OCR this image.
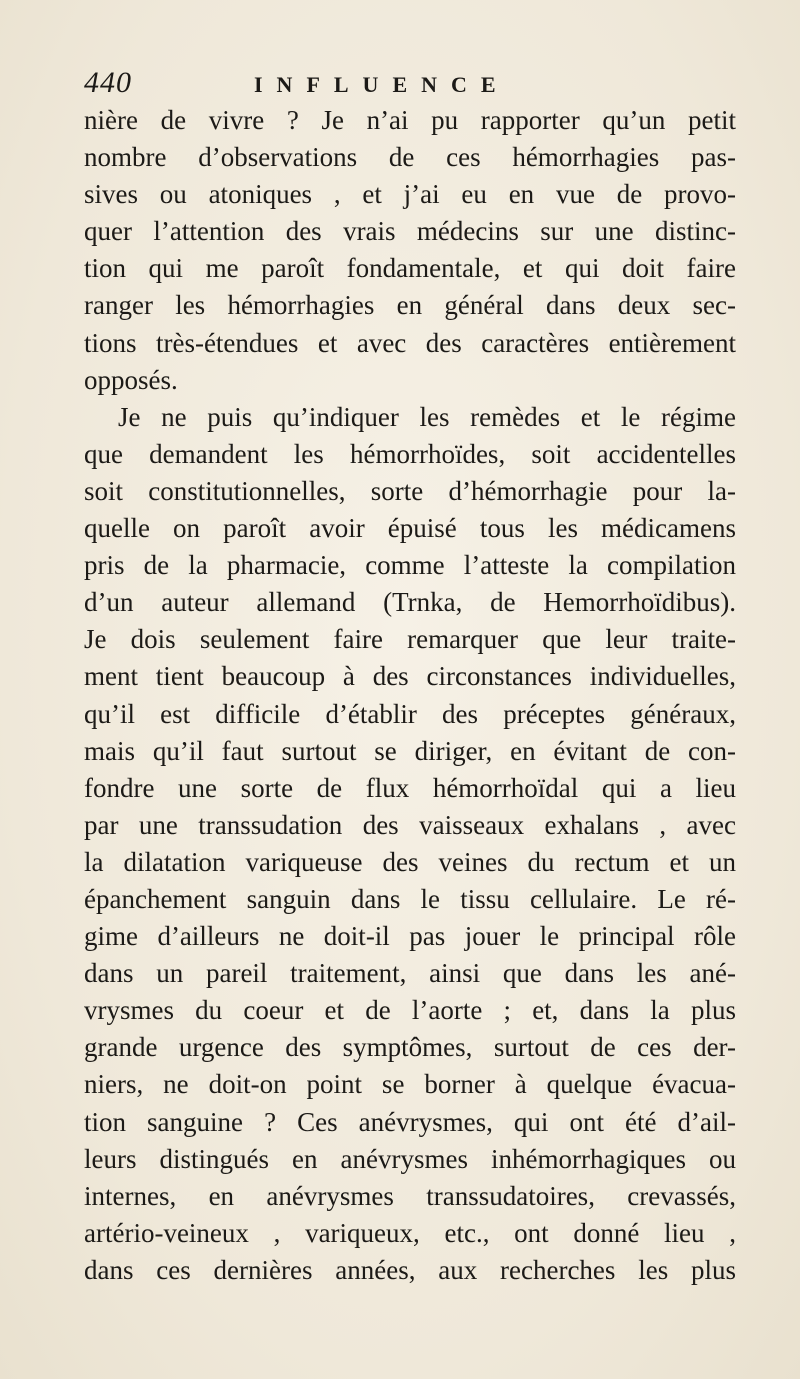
440	INFLUENCE
nière de vivre ? Je n’ai pu rapporter qu’un petit
nombre d’observations de ces hémorrhagies pas-
sives ou atoniques , et j’ai eu en vue de provo-
quer l’attention des vrais médecins sur une distinc-
tion qui me paroît fondamentale, et qui doit faire
ranger les hémorrhagies en général dans deux sec-
tions très-étendues et avec des caractères entièrement
opposés.
Je ne puis qu’indiquer les remèdes et le régime
que demandent les hémorrhoïdes, soit accidentelles
soit constitutionnelles, sorte d’hémorrhagie pour la-
quelle on paroît avoir épuisé tous les médicamens
pris de la pharmacie, comme l’atteste la compilation
d’un auteur allemand (Trnka, de Hemorrhoïdibus).
Je dois seulement faire remarquer que leur traite-
ment tient beaucoup à des circonstances individuelles,
qu’il est difficile d’établir des préceptes généraux,
mais qu’il faut surtout se diriger, en évitant de con-
fondre une sorte de flux hémorrhoïdal qui a lieu
par une transsudation des vaisseaux exhalans , avec
la dilatation variqueuse des veines du rectum et un
épanchement sanguin dans le tissu cellulaire. Le ré-
gime d’ailleurs ne doit-il pas jouer le principal rôle
dans un pareil traitement, ainsi que dans les ané-
vrysmes du coeur et de l’aorte ; et, dans la plus
grande urgence des symptômes, surtout de ces der-
niers, ne doit-on point se borner à quelque évacua-
tion sanguine ? Ces anévrysmes, qui ont été d’ail-
leurs distingués en anévrysmes inhémorrhagiques ou
internes, en anévrysmes transsudatoires, crevassés,
artério-veineux , variqueux, etc., ont donné lieu ,
dans ces dernières années, aux recherches les plus
